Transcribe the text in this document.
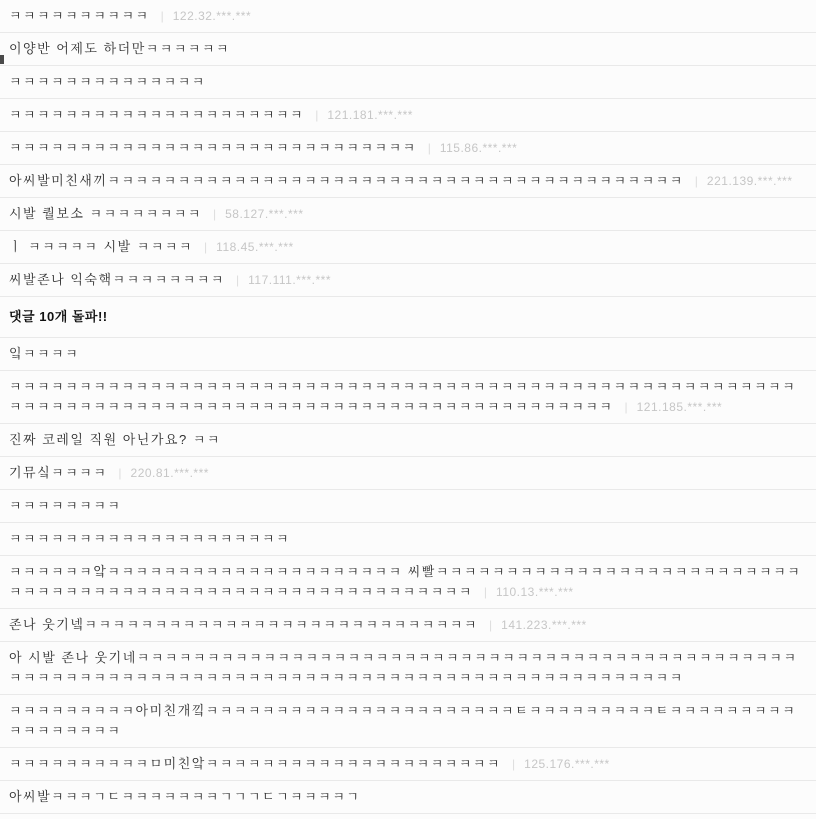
ㅋㅋㅋㅋㅋㅋㅋㅋㅋㅋ | 122.32.***.***
이양반 어제도 하더만ㅋㅋㅋㅋㅋㅋ
ㅋㅋㅋㅋㅋㅋㅋㅋㅋㅋㅋㅋㅋㅋ
ㅋㅋㅋㅋㅋㅋㅋㅋㅋㅋㅋㅋㅋㅋㅋㅋㅋㅋㅋㅋㅋ | 121.181.***.***
ㅋㅋㅋㅋㅋㅋㅋㅋㅋㅋㅋㅋㅋㅋㅋㅋㅋㅋㅋㅋㅋㅋㅋㅋㅋㅋㅋㅋㅋ | 115.86.***.***
아씨발미친새끼ㅋㅋㅋㅋㅋㅋㅋㅋㅋㅋㅋㅋㅋㅋㅋㅋㅋㅋㅋㅋㅋㅋㅋㅋㅋㅋㅋㅋㅋㅋㅋㅋㅋㅋㅋㅋㅋㅋㅋㅋㅋ | 221.139.***.***
시발 퀄보소 ㅋㅋㅋㅋㅋㅋㅋㅋ | 58.127.***.***
ㅣ ㅋㅋㅋㅋㅋ 시발 ㅋㅋㅋㅋ | 118.45.***.***
씨발존나 익숙핵ㅋㅋㅋㅋㅋㅋㅋㅋ | 117.111.***.***
댓글 10개 돌파!!
잌ㅋㅋㅋㅋ
ㅋㅋㅋㅋㅋㅋㅋㅋㅋㅋㅋㅋㅋㅋㅋㅋㅋㅋㅋㅋㅋㅋㅋㅋㅋㅋㅋㅋㅋㅋㅋㅋㅋㅋㅋㅋㅋㅋㅋㅋㅋㅋㅋㅋㅋㅋㅋㅋㅋㅋㅋㅋㅋㅋㅋㅋㅋㅋㅋㅋㅋㅋㅋㅋㅋㅋㅋㅋㅋㅋㅋㅋㅋㅋㅋㅋㅋㅋㅋㅋㅋㅋㅋㅋㅋㅋㅋㅋㅋㅋㅋㅋㅋㅋㅋㅋㅋㅋㅋ | 121.185.***.***
진짜 코레일 직원 아닌가요? ㅋㅋ
기뮤싴ㅋㅋㅋㅋ | 220.81.***.***
ㅋㅋㅋㅋㅋㅋㅋㅋ
ㅋㅋㅋㅋㅋㅋㅋㅋㅋㅋㅋㅋㅋㅋㅋㅋㅋㅋㅋㅋ
ㅋㅋㅋㅋㅋㅋ앜ㅋㅋㅋㅋㅋㅋㅋㅋㅋㅋㅋㅋㅋㅋㅋㅋㅋㅋㅋㅋㅋ 씨빨ㅋㅋㅋㅋㅋㅋㅋㅋㅋㅋㅋㅋㅋㅋㅋㅋㅋㅋㅋㅋㅋㅋㅋㅋㅋㅋㅋㅋㅋㅋㅋㅋㅋㅋㅋㅋㅋㅋㅋㅋㅋㅋㅋㅋㅋㅋㅋㅋㅋㅋㅋㅋㅋㅋㅋㅋㅋㅋㅋ | 110.13.***.***
존나 웃기넼ㅋㅋㅋㅋㅋㅋㅋㅋㅋㅋㅋㅋㅋㅋㅋㅋㅋㅋㅋㅋㅋㅋㅋㅋㅋㅋㅋㅋ | 141.223.***.***
아 시발 존나 웃기네ㅋㅋㅋㅋㅋㅋㅋㅋㅋㅋㅋㅋㅋㅋㅋㅋㅋㅋㅋㅋㅋㅋㅋㅋㅋㅋㅋㅋㅋㅋㅋㅋㅋㅋㅋㅋㅋㅋㅋㅋㅋㅋㅋㅋㅋㅋㅋㅋㅋㅋㅋㅋㅋㅋㅋㅋㅋㅋㅋㅋㅋㅋㅋㅋㅋㅋㅋㅋㅋㅋㅋㅋㅋㅋㅋㅋㅋㅋㅋㅋㅋㅋㅋㅋㅋㅋㅋㅋㅋㅋㅋㅋㅋㅋㅋ
ㅋㅋㅋㅋㅋㅋㅋㅋㅋ아미친개낔ㅋㅋㅋㅋㅋㅋㅋㅋㅋㅋㅋㅋㅋㅋㅋㅋㅋㅋㅋㅋㅋㅋㅌㅋㅋㅋㅋㅋㅋㅋㅋㅋㅌㅋㅋㅋㅋㅋㅋㅋㅋㅋㅋㅋㅋㅋㅋㅋㅋㅋ
ㅋㅋㅋㅋㅋㅋㅋㅋㅋㅋㅁ미친앜ㅋㅋㅋㅋㅋㅋㅋㅋㅋㅋㅋㅋㅋㅋㅋㅋㅋㅋㅋㅋㅋ | 125.176.***.***
아씨발ㅋㅋㅋㄱㄷㅋㅋㅋㅋㅋㅋㅋㄱㄱㄱㄷㄱㅋㅋㅋㅋㄱ
